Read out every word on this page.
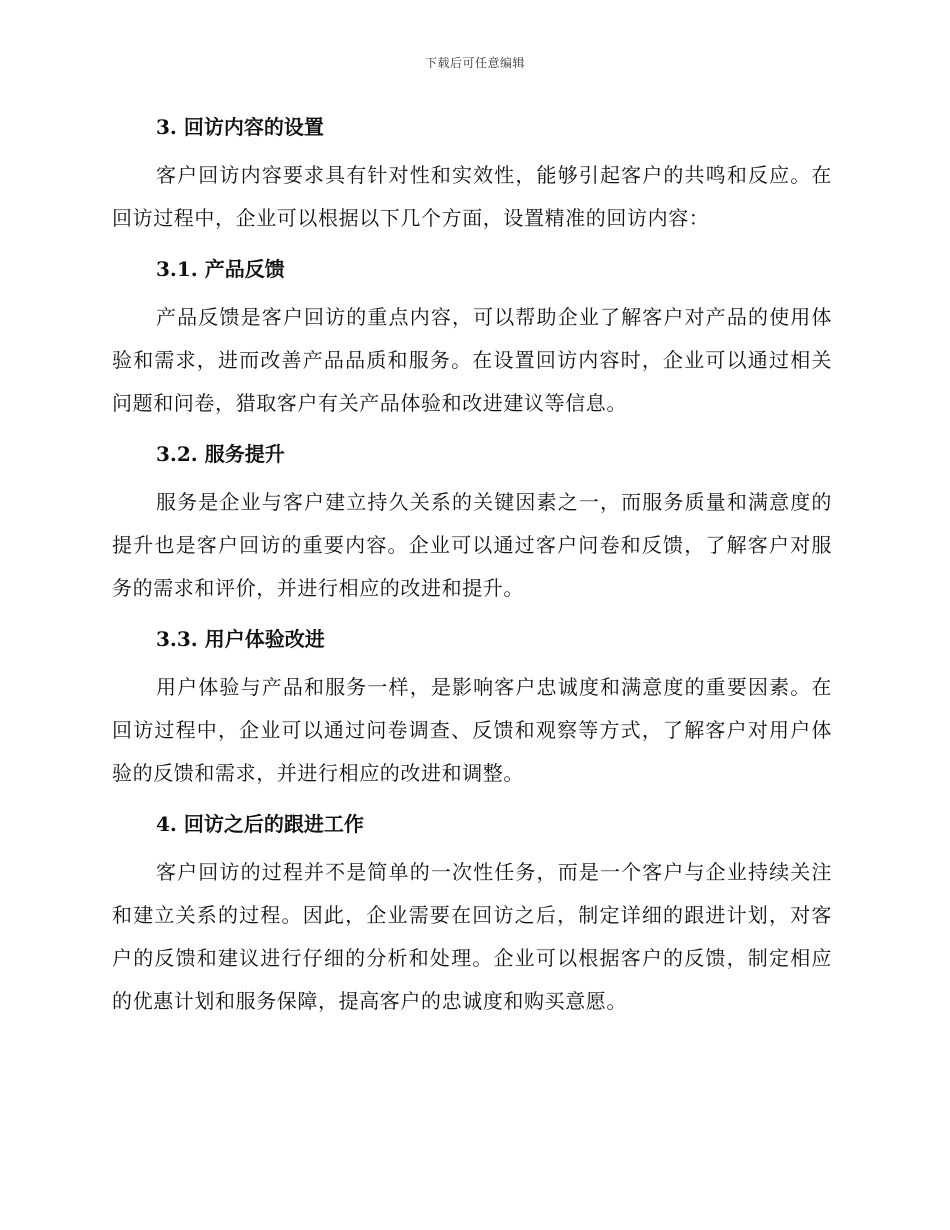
下载后可任意编辑
3. 回访内容的设置

客户回访内容要求具有针对性和实效性，能够引起客户的共鸣和反应。在回访过程中，企业可以根据以下几个方面，设置精准的回访内容：

3.1. 产品反馈

产品反馈是客户回访的重点内容，可以帮助企业了解客户对产品的使用体验和需求，进而改善产品品质和服务。在设置回访内容时，企业可以通过相关问题和问卷，猎取客户有关产品体验和改进建议等信息。

3.2. 服务提升

服务是企业与客户建立持久关系的关键因素之一，而服务质量和满意度的提升也是客户回访的重要内容。企业可以通过客户问卷和反馈，了解客户对服务的需求和评价，并进行相应的改进和提升。

3.3. 用户体验改进

用户体验与产品和服务一样，是影响客户忠诚度和满意度的重要因素。在回访过程中，企业可以通过问卷调查、反馈和观察等方式，了解客户对用户体验的反馈和需求，并进行相应的改进和调整。

4. 回访之后的跟进工作

客户回访的过程并不是简单的一次性任务，而是一个客户与企业持续关注和建立关系的过程。因此，企业需要在回访之后，制定详细的跟进计划，对客户的反馈和建议进行仔细的分析和处理。企业可以根据客户的反馈，制定相应的优惠计划和服务保障，提高客户的忠诚度和购买意愿。
